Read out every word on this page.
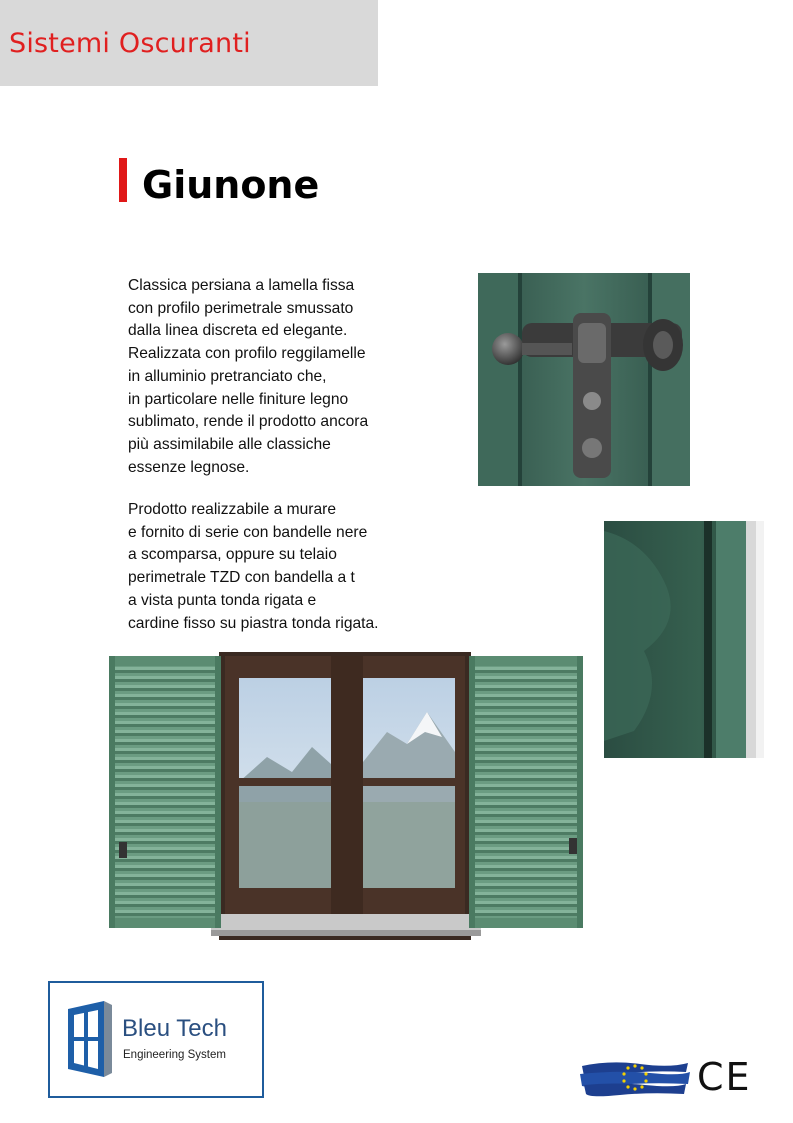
Sistemi Oscuranti
Giunone
Classica persiana a lamella fissa
con profilo perimetrale smussato
dalla linea discreta ed elegante.
Realizzata con profilo reggilamelle
in alluminio pretranciato che,
in particolare nelle finiture legno
sublimato, rende il prodotto ancora
più assimilabile alle classiche
essenze legnose.
Prodotto realizzabile a murare
e fornito di serie con bandelle nere
a scomparsa, oppure su telaio
perimetrale TZD con bandella a t
a vista punta tonda rigata e
cardine fisso su piastra tonda rigata.
Bleu Tech
Engineering System	CE
